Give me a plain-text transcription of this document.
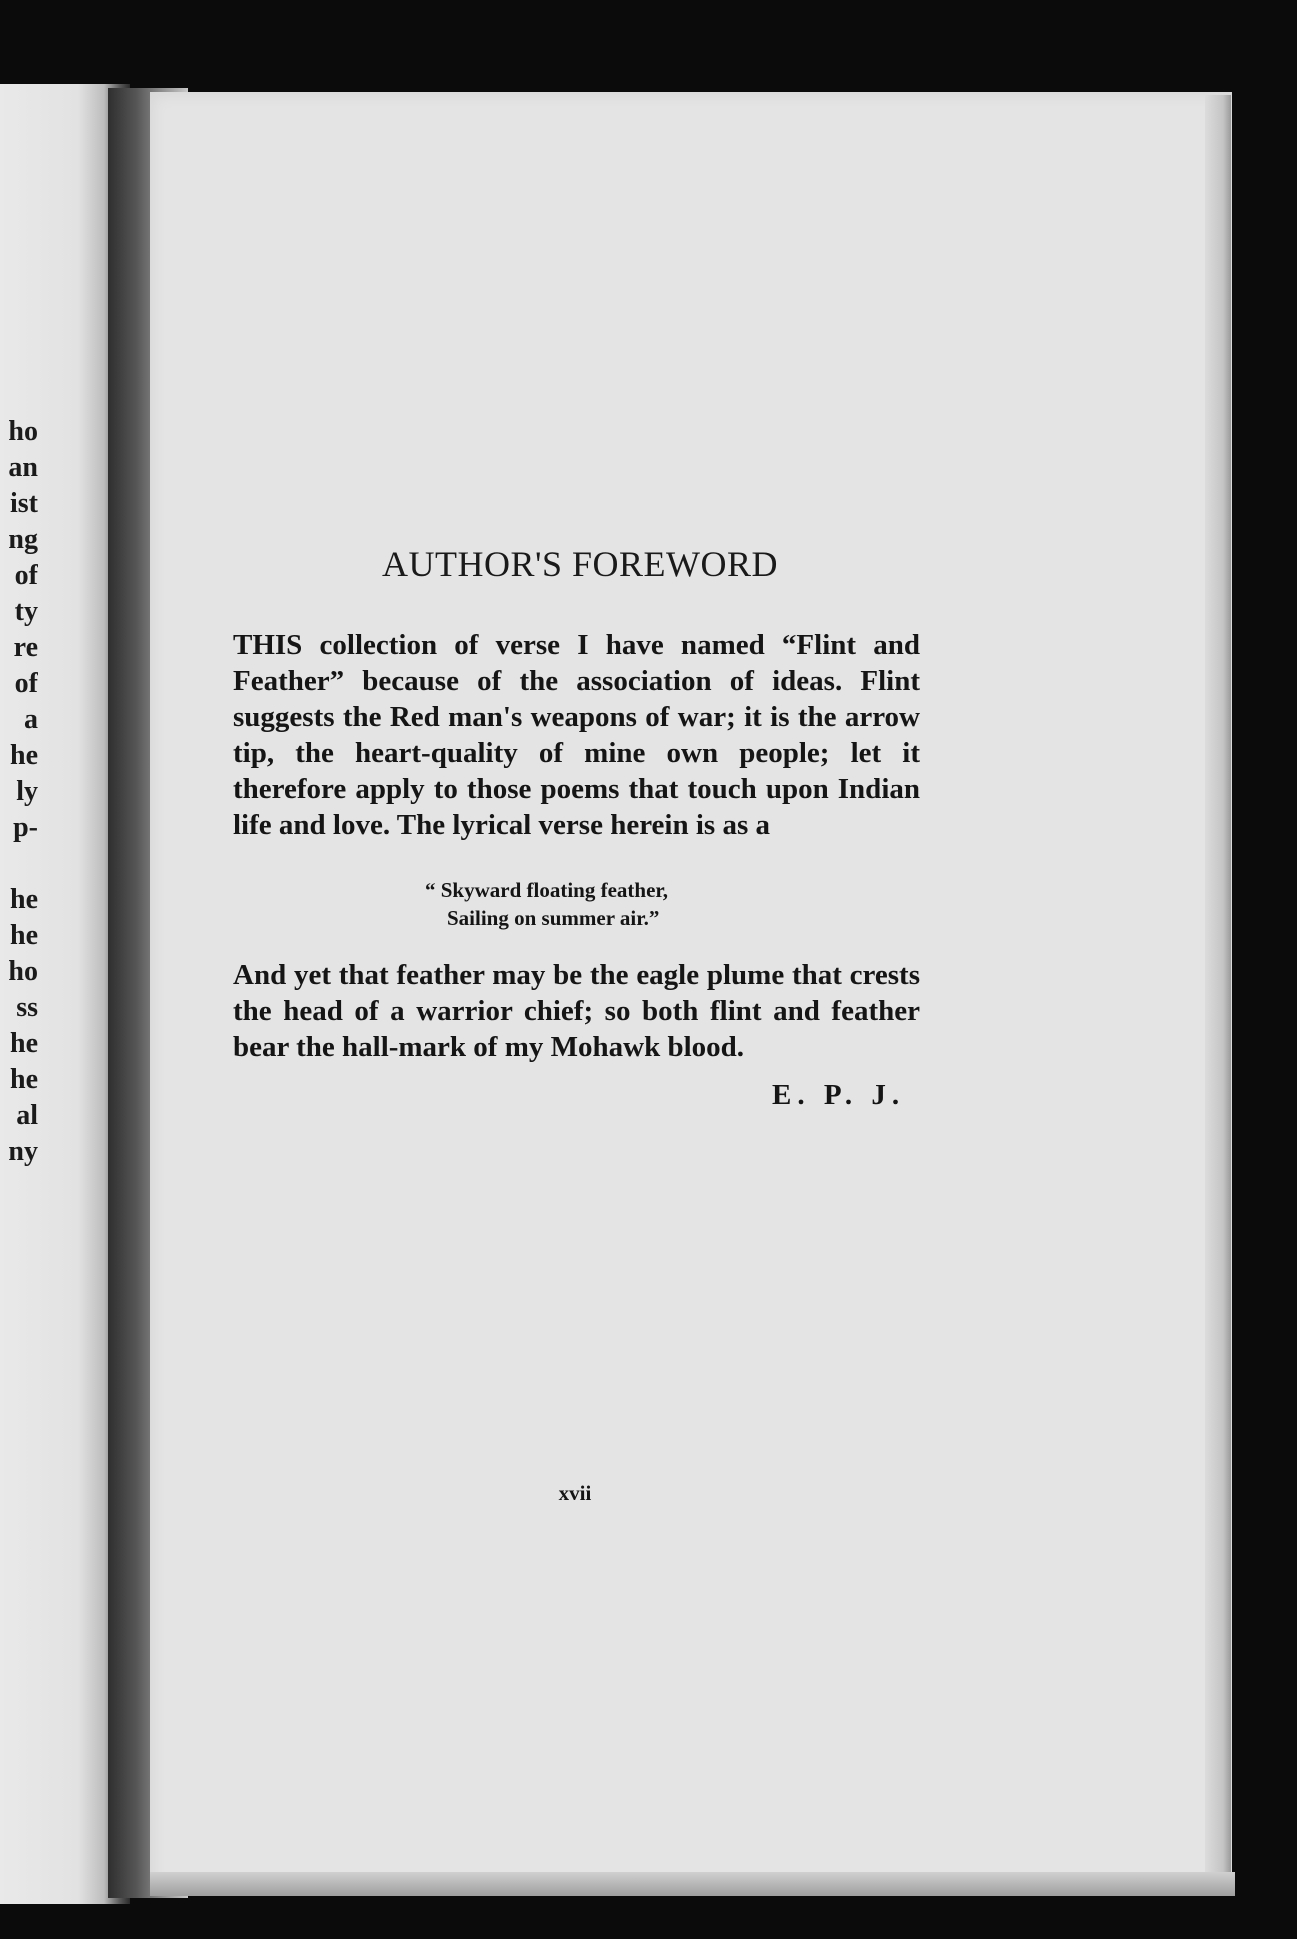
ho
an
ist
ng
of
ty
re
of
a
he
ly
p-
he
he
ho
ss
he
he
al
ny
AUTHOR'S FOREWORD
THIS collection of verse I have named “Flint and Feather” because of the association of ideas. Flint suggests the Red man's weapons of war; it is the arrow tip, the heart-quality of mine own people; let it therefore apply to those poems that touch upon Indian life and love. The lyrical verse herein is as a
“ Skyward floating feather,
Sailing on summer air.”
And yet that feather may be the eagle plume that crests the head of a warrior chief; so both flint and feather bear the hall-mark of my Mohawk blood.
E. P. J.
xvii
